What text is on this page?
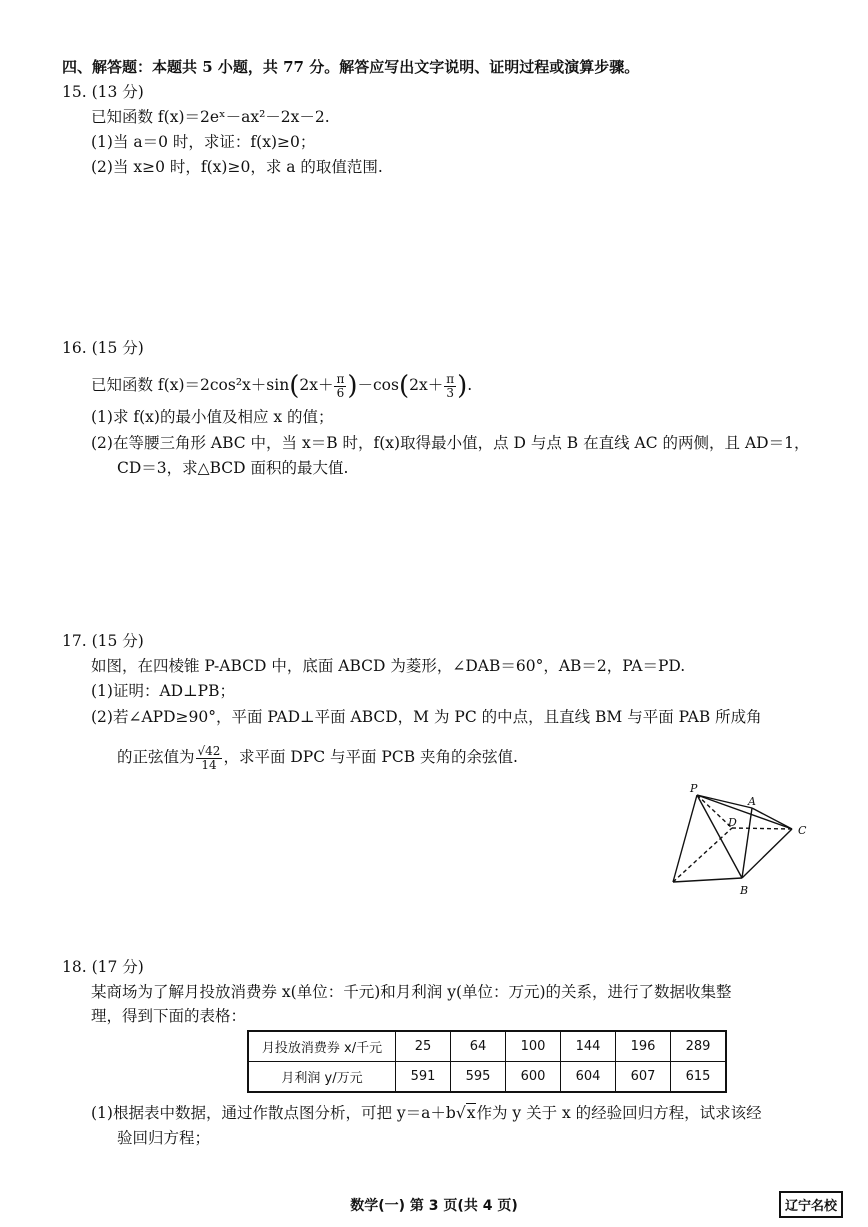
四、解答题：本题共 5 小题，共 77 分。解答应写出文字说明、证明过程或演算步骤。
15. (13 分)
已知函数 f(x)＝2eˣ－ax²－2x－2.
(1)当 a＝0 时，求证：f(x)≥0；
(2)当 x≥0 时，f(x)≥0，求 a 的取值范围.
16. (15 分)
已知函数 $f(x)=2\cos^2x+\sin(2x+ \frac{\pi}{6} )-\cos(2x+ \frac{\pi}{3}$ ).
(1)求 f(x)的最小值及相应 x 的值；
(2)在等腰三角形 ABC 中，当 x＝B 时，f(x)取得最小值，点 D 与点 B 在直线 AC 的两侧，且 AD＝1，
CD＝3，求△BCD 面积的最大值.
17. (15 分)
如图，在四棱锥 P-ABCD 中，底面 ABCD 为菱形，∠DAB＝60°，AB＝2，PA＝PD.
(1)证明：AD⊥PB；
(2)若∠APD≥90°，平面 PAD⊥平面 ABCD，M 为 PC 的中点，且直线 BM 与平面 PAB 所成角
的正弦值为 $\frac{√42}{14}$ ，求平面 DPC 与平面 PCB 夹角的余弦值.
P
A
B
C
D
18. (17 分)
某商场为了解月投放消费券 x(单位：千元)和月利润 y(单位：万元)的关系，进行了数据收集整
理，得到下面的表格：
月投放消费券 x/千元	25	64	100	144	196	289
月利润 y/万元	591	595	600	604	607	615
(1)根据表中数据，通过作散点图分析，可把 y＝a＋b√x作为 y 关于 x 的经验回归方程，试求该经
验回归方程；
数学(一) 第 3 页(共 4 页)	辽宁名校
